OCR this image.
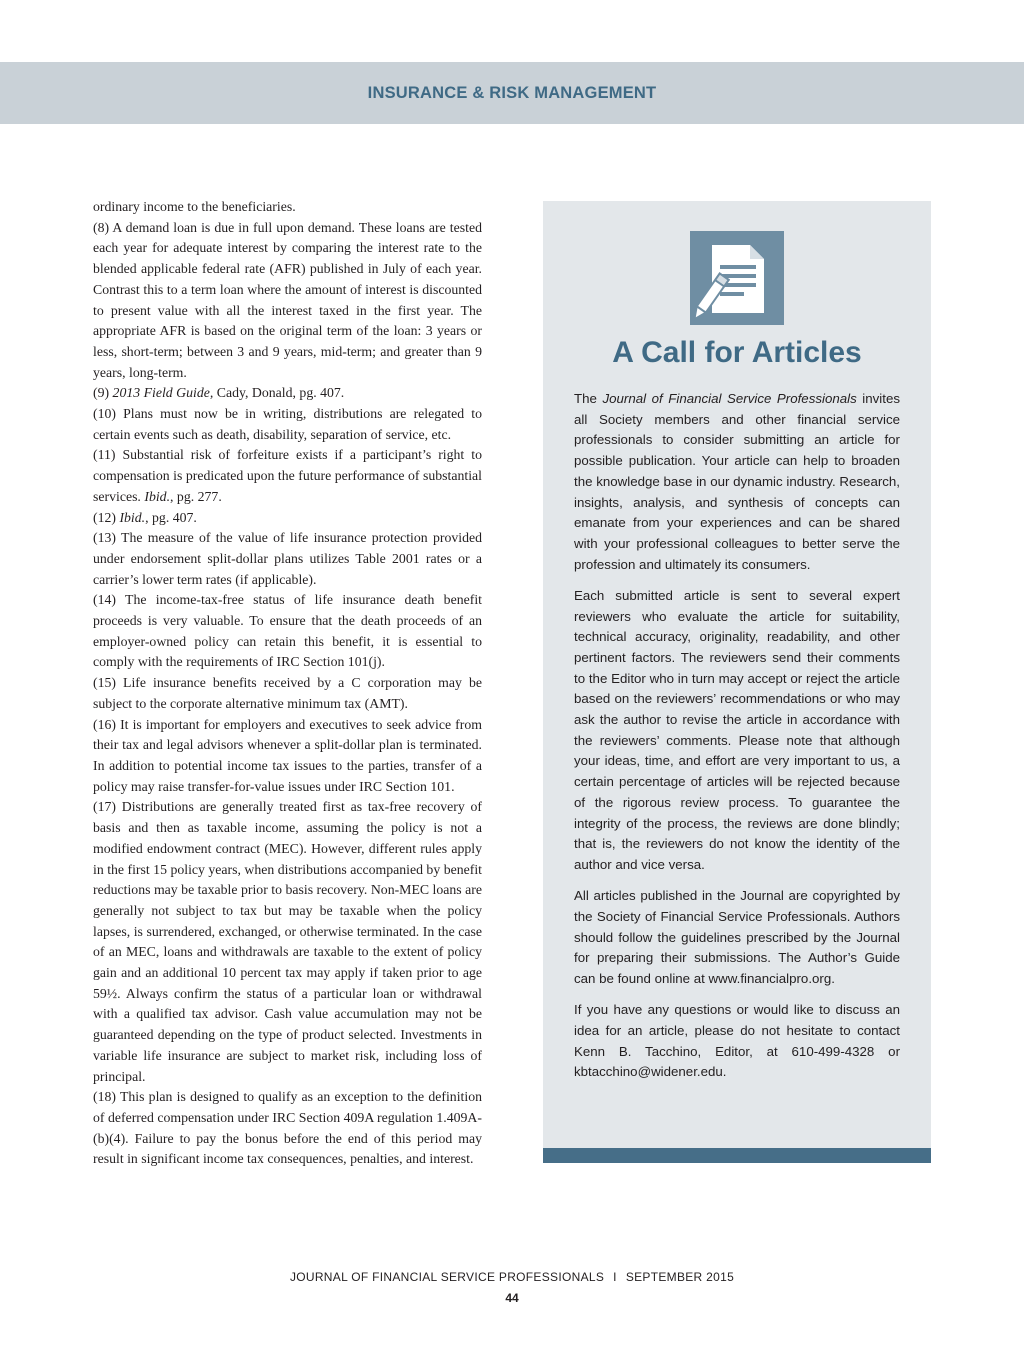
INSURANCE & RISK MANAGEMENT

ordinary income to the beneficiaries.

(8) A demand loan is due in full upon demand. These loans are tested each year for adequate interest by comparing the interest rate to the blended applicable federal rate (AFR) published in July of each year. Contrast this to a term loan where the amount of interest is discounted to present value with all the interest taxed in the first year. The appropriate AFR is based on the original term of the loan: 3 years or less, short-term; between 3 and 9 years, mid-term; and greater than 9 years, long-term.

(9) 2013 Field Guide, Cady, Donald, pg. 407.

(10) Plans must now be in writing, distributions are relegated to certain events such as death, disability, separation of service, etc.

(11) Substantial risk of forfeiture exists if a participant’s right to compensation is predicated upon the future performance of substantial services. Ibid., pg. 277.

(12) Ibid., pg. 407.

(13) The measure of the value of life insurance protection provided under endorsement split-dollar plans utilizes Table 2001 rates or a carrier’s lower term rates (if applicable).

(14) The income-tax-free status of life insurance death benefit proceeds is very valuable. To ensure that the death proceeds of an employer-owned policy can retain this benefit, it is essential to comply with the requirements of IRC Section 101(j).

(15) Life insurance benefits received by a C corporation may be subject to the corporate alternative minimum tax (AMT).

(16) It is important for employers and executives to seek advice from their tax and legal advisors whenever a split-dollar plan is terminated. In addition to potential income tax issues to the parties, transfer of a policy may raise transfer-for-value issues under IRC Section 101.

(17) Distributions are generally treated first as tax-free recovery of basis and then as taxable income, assuming the policy is not a modified endowment contract (MEC). However, different rules apply in the first 15 policy years, when distributions accompanied by benefit reductions may be taxable prior to basis recovery. Non-MEC loans are generally not subject to tax but may be taxable when the policy lapses, is surrendered, exchanged, or otherwise terminated. In the case of an MEC, loans and withdrawals are taxable to the extent of policy gain and an additional 10 percent tax may apply if taken prior to age 59½. Always confirm the status of a particular loan or withdrawal with a qualified tax advisor. Cash value accumulation may not be guaranteed depending on the type of product selected. Investments in variable life insurance are subject to market risk, including loss of principal.

(18) This plan is designed to qualify as an exception to the definition of deferred compensation under IRC Section 409A regulation 1.409A-(b)(4). Failure to pay the bonus before the end of this period may result in significant income tax consequences, penalties, and interest.

A Call for Articles

The Journal of Financial Service Professionals invites all Society members and other financial service professionals to consider submitting an article for possible publication. Your article can help to broaden the knowledge base in our dynamic industry. Research, insights, analysis, and synthesis of concepts can emanate from your experiences and can be shared with your professional colleagues to better serve the profession and ultimately its consumers.

Each submitted article is sent to several expert reviewers who evaluate the article for suitability, technical accuracy, originality, readability, and other pertinent factors. The reviewers send their comments to the Editor who in turn may accept or reject the article based on the reviewers’ recommendations or who may ask the author to revise the article in accordance with the reviewers’ comments. Please note that although your ideas, time, and effort are very important to us, a certain percentage of articles will be rejected because of the rigorous review process. To guarantee the integrity of the process, the reviews are done blindly; that is, the reviewers do not know the identity of the author and vice versa.

All articles published in the Journal are copyrighted by the Society of Financial Service Professionals. Authors should follow the guidelines prescribed by the Journal for preparing their submissions. The Author’s Guide can be found online at www.financialpro.org.

If you have any questions or would like to discuss an idea for an article, please do not hesitate to contact Kenn B. Tacchino, Editor, at 610-499-4328 or kbtacchino@widener.edu.

JOURNAL OF FINANCIAL SERVICE PROFESSIONALS I SEPTEMBER 2015
44
